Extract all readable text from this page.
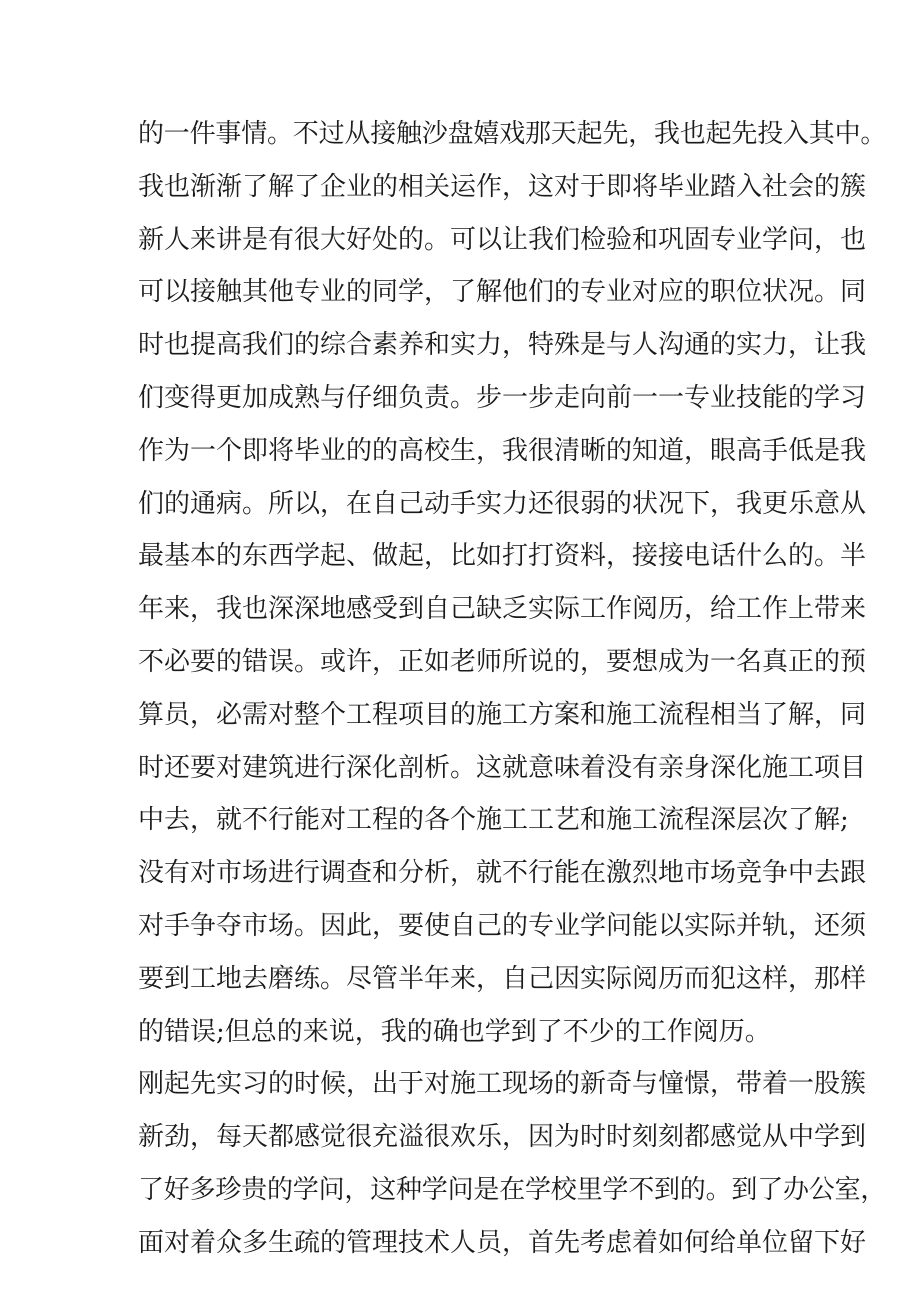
的一件事情。不过从接触沙盘嬉戏那天起先，我也起先投入其中。
我也渐渐了解了企业的相关运作，这对于即将毕业踏入社会的簇
新人来讲是有很大好处的。可以让我们检验和巩固专业学问，也
可以接触其他专业的同学，了解他们的专业对应的职位状况。同
时也提高我们的综合素养和实力，特殊是与人沟通的实力，让我
们变得更加成熟与仔细负责。步一步走向前一一专业技能的学习
作为一个即将毕业的的高校生，我很清晰的知道，眼高手低是我
们的通病。所以，在自己动手实力还很弱的状况下，我更乐意从
最基本的东西学起、做起，比如打打资料，接接电话什么的。半
年来，我也深深地感受到自己缺乏实际工作阅历，给工作上带来
不必要的错误。或许，正如老师所说的，要想成为一名真正的预
算员，必需对整个工程项目的施工方案和施工流程相当了解，同
时还要对建筑进行深化剖析。这就意味着没有亲身深化施工项目
中去，就不行能对工程的各个施工工艺和施工流程深层次了解;
没有对市场进行调查和分析，就不行能在激烈地市场竞争中去跟
对手争夺市场。因此，要使自己的专业学问能以实际并轨，还须
要到工地去磨练。尽管半年来，自己因实际阅历而犯这样，那样
的错误;但总的来说，我的确也学到了不少的工作阅历。
刚起先实习的时候，出于对施工现场的新奇与憧憬，带着一股簇
新劲，每天都感觉很充溢很欢乐，因为时时刻刻都感觉从中学到
了好多珍贵的学问，这种学问是在学校里学不到的。到了办公室，
面对着众多生疏的管理技术人员，首先考虑着如何给单位留下好
